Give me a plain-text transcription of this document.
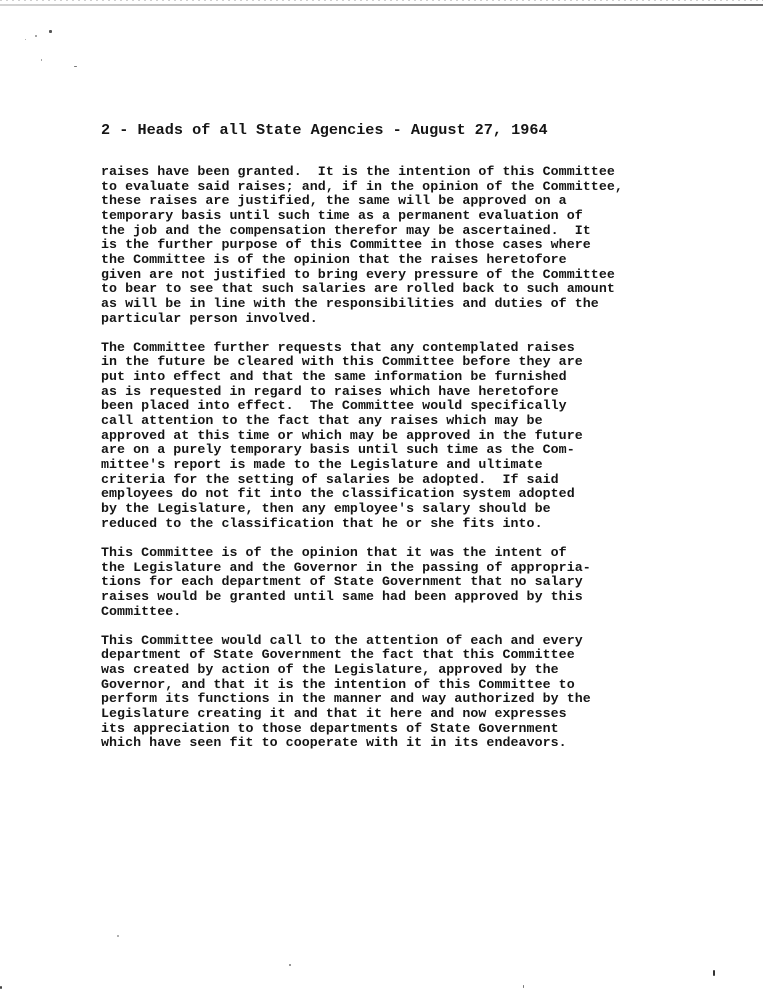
2 - Heads of all State Agencies - August 27, 1964
raises have been granted.  It is the intention of this Committee
to evaluate said raises; and, if in the opinion of the Committee,
these raises are justified, the same will be approved on a
temporary basis until such time as a permanent evaluation of
the job and the compensation therefor may be ascertained.  It
is the further purpose of this Committee in those cases where
the Committee is of the opinion that the raises heretofore
given are not justified to bring every pressure of the Committee
to bear to see that such salaries are rolled back to such amount
as will be in line with the responsibilities and duties of the
particular person involved.
The Committee further requests that any contemplated raises
in the future be cleared with this Committee before they are
put into effect and that the same information be furnished
as is requested in regard to raises which have heretofore
been placed into effect.  The Committee would specifically
call attention to the fact that any raises which may be
approved at this time or which may be approved in the future
are on a purely temporary basis until such time as the Com-
mittee's report is made to the Legislature and ultimate
criteria for the setting of salaries be adopted.  If said
employees do not fit into the classification system adopted
by the Legislature, then any employee's salary should be
reduced to the classification that he or she fits into.
This Committee is of the opinion that it was the intent of
the Legislature and the Governor in the passing of appropria-
tions for each department of State Government that no salary
raises would be granted until same had been approved by this
Committee.
This Committee would call to the attention of each and every
department of State Government the fact that this Committee
was created by action of the Legislature, approved by the
Governor, and that it is the intention of this Committee to
perform its functions in the manner and way authorized by the
Legislature creating it and that it here and now expresses
its appreciation to those departments of State Government
which have seen fit to cooperate with it in its endeavors.
